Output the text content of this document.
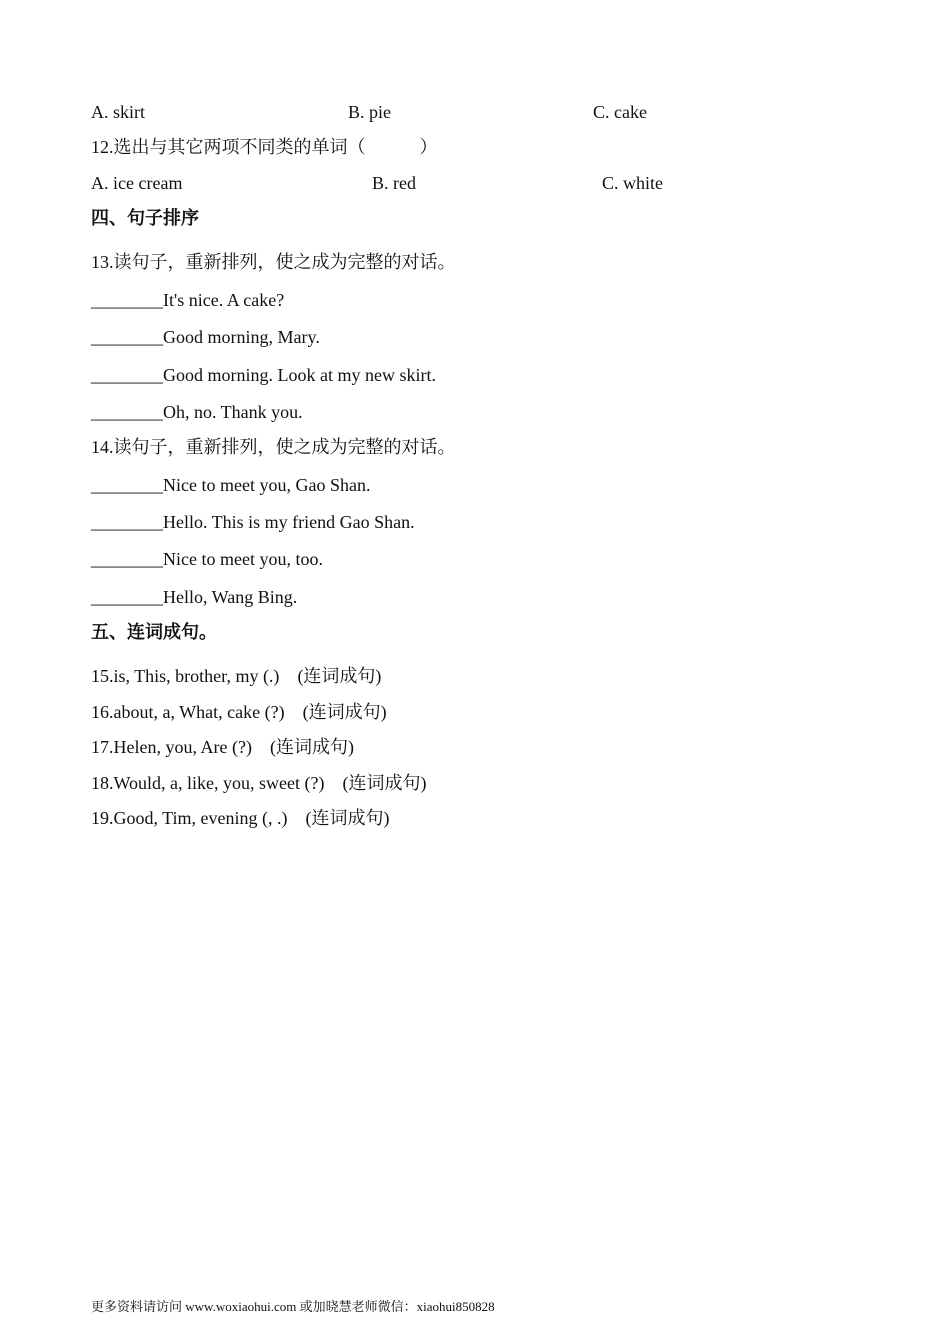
A. skirt	B. pie	C. cake
12.选出与其它两项不同类的单词（　　　）
A. ice cream	B. red	C. white
四、句子排序
13.读句子，重新排列，使之成为完整的对话。
________It's nice. A cake?
________Good morning, Mary.
________Good morning. Look at my new skirt.
________Oh, no. Thank you.
14.读句子，重新排列，使之成为完整的对话。
________Nice to meet you, Gao Shan.
________Hello. This is my friend Gao Shan.
________Nice to meet you, too.
________Hello, Wang Bing.
五、连词成句。
15.is, This, brother, my (.) (连词成句)
16.about, a, What, cake (?) (连词成句)
17.Helen, you, Are (?) (连词成句)
18.Would, a, like, you, sweet (?) (连词成句)
19.Good, Tim, evening (, .) (连词成句)
更多资料请访问 www.woxiaohui.com 或加晓慧老师微信：xiaohui850828
